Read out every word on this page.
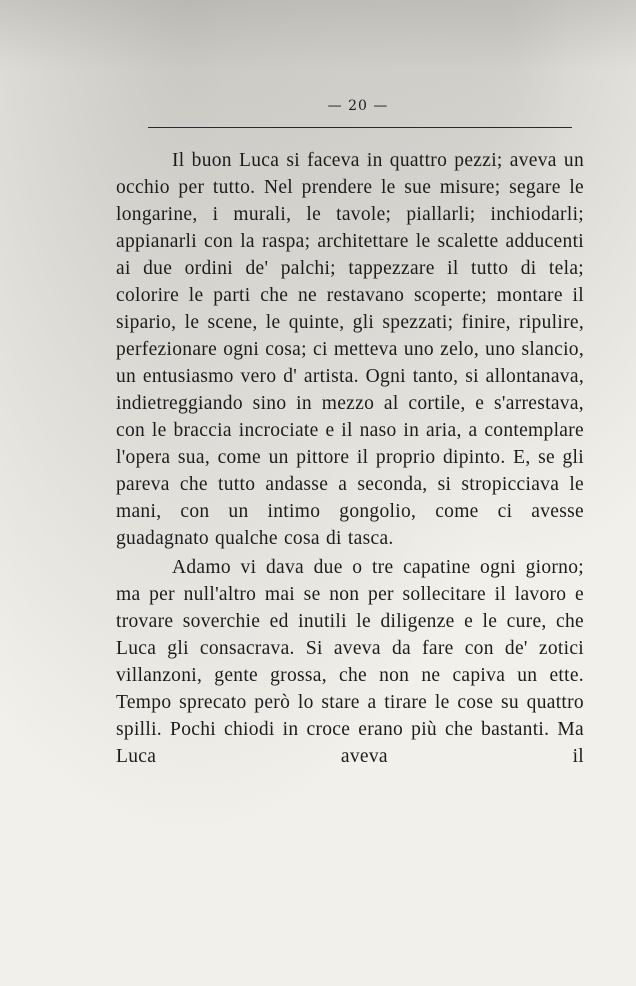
— 20 —

Il buon Luca si faceva in quattro pezzi; aveva un occhio per tutto. Nel prendere le sue misure; segare le longarine, i murali, le tavole; piallarli; inchiodarli; appianarli con la raspa; architettare le scalette adducenti ai due ordini de' palchi; tappezzare il tutto di tela; colorire le parti che ne restavano scoperte; montare il sipario, le scene, le quinte, gli spezzati; finire, ripulire, perfezionare ogni cosa; ci metteva uno zelo, uno slancio, un entusiasmo vero d' artista. Ogni tanto, si allontanava, indietreggiando sino in mezzo al cortile, e s'arrestava, con le braccia incrociate e il naso in aria, a contemplare l'opera sua, come un pittore il proprio dipinto. E, se gli pareva che tutto andasse a seconda, si stropicciava le mani, con un intimo gongolio, come ci avesse guadagnato qualche cosa di tasca.

Adamo vi dava due o tre capatine ogni giorno; ma per null'altro mai se non per sollecitare il lavoro e trovare soverchie ed inutili le diligenze e le cure, che Luca gli consacrava. Si aveva da fare con de' zotici villanzoni, gente grossa, che non ne capiva un ette. Tempo sprecato però lo stare a tirare le cose su quattro spilli. Pochi chiodi in croce erano più che bastanti. Ma Luca aveva il
